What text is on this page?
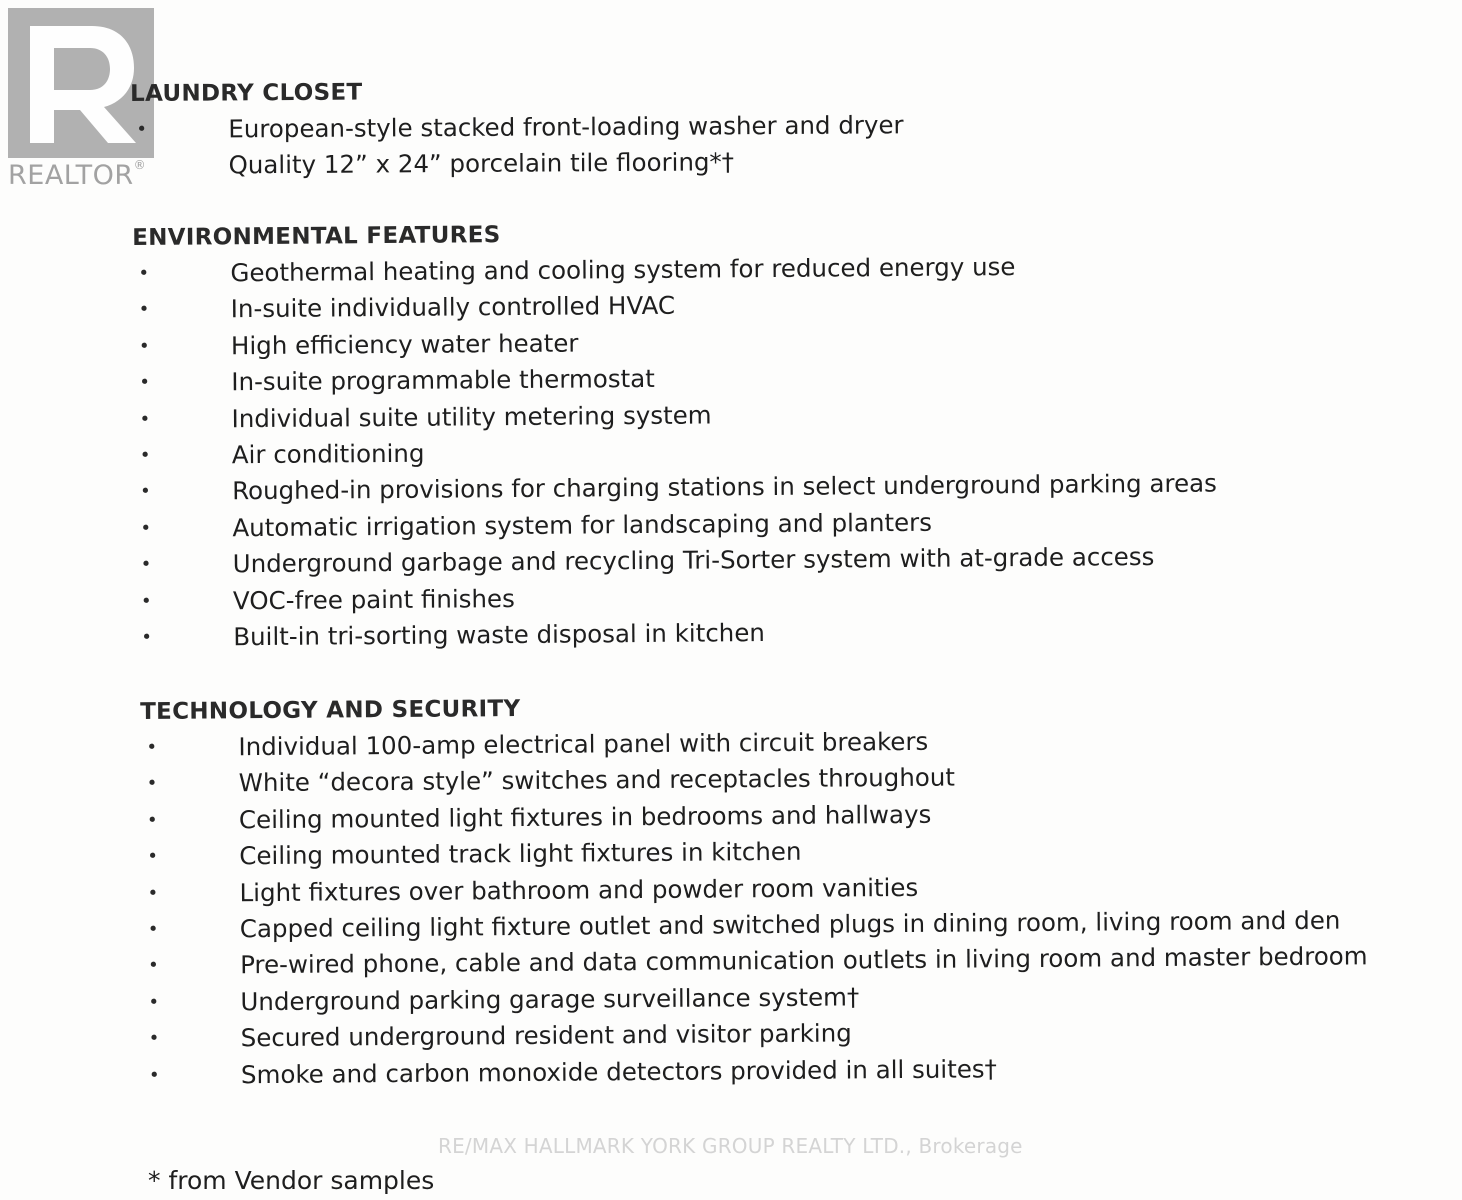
REALTOR®
LAUNDRY CLOSET
•	European-style stacked front-loading washer and dryer
Quality 12” x 24” porcelain tile flooring*†
ENVIRONMENTAL FEATURES
•	Geothermal heating and cooling system for reduced energy use
•	In-suite individually controlled HVAC
•	High efficiency water heater
•	In-suite programmable thermostat
•	Individual suite utility metering system
•	Air conditioning
•	Roughed-in provisions for charging stations in select underground parking areas
•	Automatic irrigation system for landscaping and planters
•	Underground garbage and recycling Tri-Sorter system with at-grade access
•	VOC-free paint finishes
•	Built-in tri-sorting waste disposal in kitchen
TECHNOLOGY AND SECURITY
•	Individual 100-amp electrical panel with circuit breakers
•	White “decora style” switches and receptacles throughout
•	Ceiling mounted light fixtures in bedrooms and hallways
•	Ceiling mounted track light fixtures in kitchen
•	Light fixtures over bathroom and powder room vanities
•	Capped ceiling light fixture outlet and switched plugs in dining room, living room and den
•	Pre-wired phone, cable and data communication outlets in living room and master bedroom
•	Underground parking garage surveillance system†
•	Secured underground resident and visitor parking
•	Smoke and carbon monoxide detectors provided in all suites†
RE/MAX HALLMARK YORK GROUP REALTY LTD., Brokerage
* from Vendor samples
